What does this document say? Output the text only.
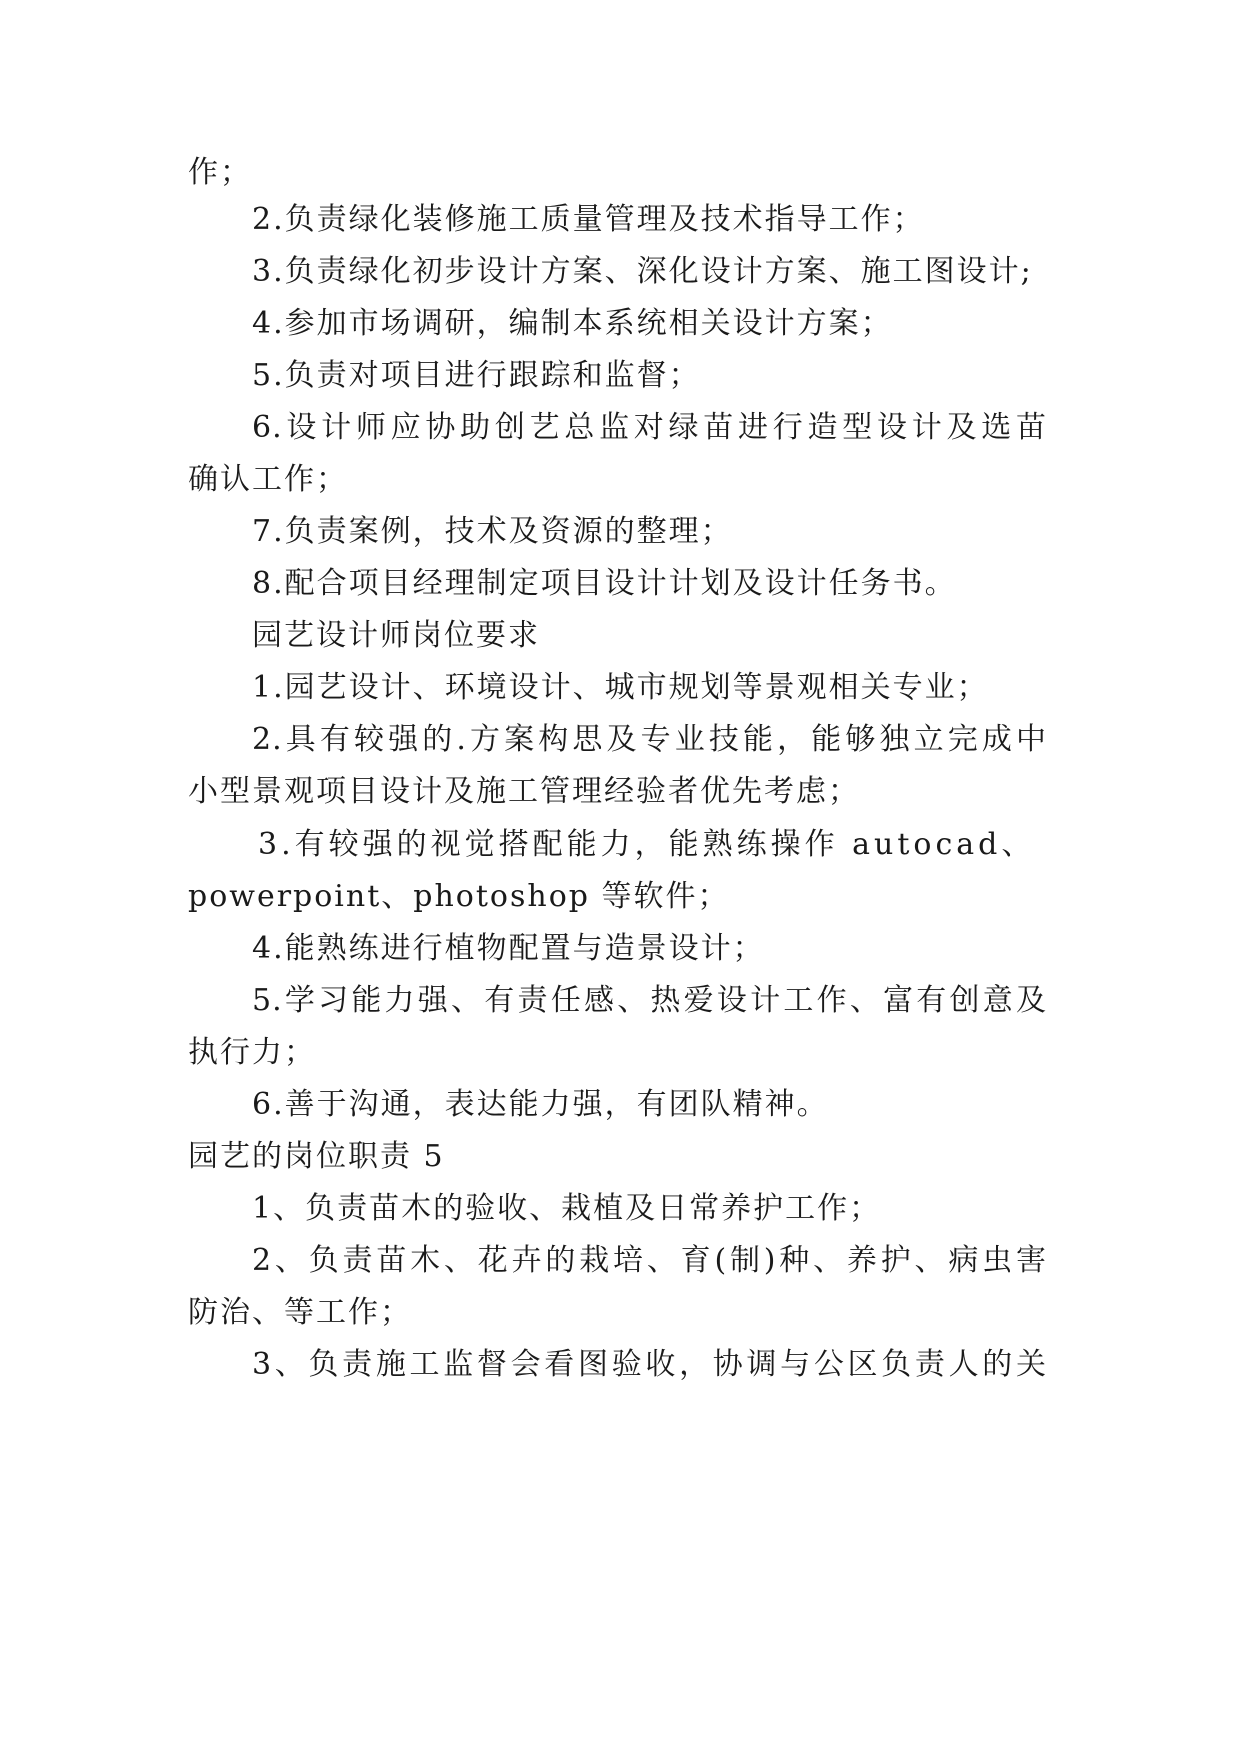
作；
2.负责绿化装修施工质量管理及技术指导工作；
3.负责绿化初步设计方案、深化设计方案、施工图设计;
4.参加市场调研，编制本系统相关设计方案；
5.负责对项目进行跟踪和监督；
6.设计师应协助创艺总监对绿苗进行造型设计及选苗
确认工作；
7.负责案例，技术及资源的整理；
8.配合项目经理制定项目设计计划及设计任务书。
园艺设计师岗位要求
1.园艺设计、环境设计、城市规划等景观相关专业；
2.具有较强的.方案构思及专业技能，能够独立完成中
小型景观项目设计及施工管理经验者优先考虑；
3.有较强的视觉搭配能力，能熟练操作 autocad、
powerpoint、photoshop 等软件；
4.能熟练进行植物配置与造景设计；
5.学习能力强、有责任感、热爱设计工作、富有创意及
执行力；
6.善于沟通，表达能力强，有团队精神。
园艺的岗位职责 5
1、负责苗木的验收、栽植及日常养护工作；
2、负责苗木、花卉的栽培、育(制)种、养护、病虫害
防治、等工作；
3、负责施工监督会看图验收，协调与公区负责人的关
